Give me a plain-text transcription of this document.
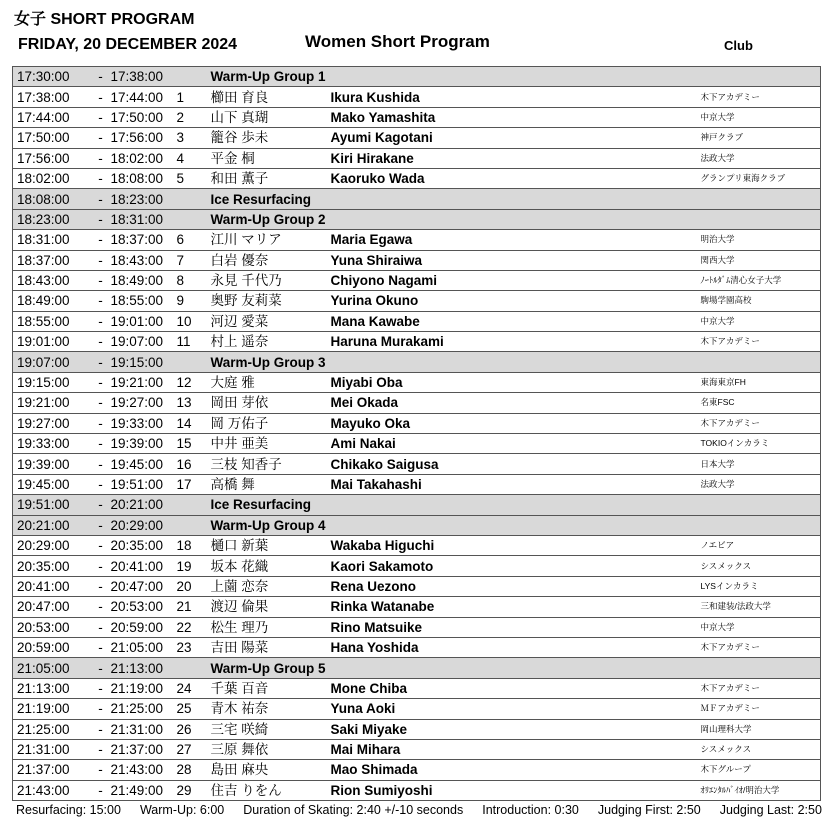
女子 SHORT PROGRAM
FRIDAY, 20 DECEMBER 2024	Women Short Program	Club
17:30:00	-	17:38:00		Warm-Up Group 1		
17:38:00	-	17:44:00	1	櫛田 育良	Ikura Kushida	木下アカデミー
17:44:00	-	17:50:00	2	山下 真瑚	Mako Yamashita	中京大学
17:50:00	-	17:56:00	3	籠谷 歩未	Ayumi Kagotani	神戸クラブ
17:56:00	-	18:02:00	4	平金 桐	Kiri Hirakane	法政大学
18:02:00	-	18:08:00	5	和田 薫子	Kaoruko Wada	グランプリ東海クラブ
18:08:00	-	18:23:00		Ice Resurfacing		
18:23:00	-	18:31:00		Warm-Up Group 2		
18:31:00	-	18:37:00	6	江川 マリア	Maria Egawa	明治大学
18:37:00	-	18:43:00	7	白岩 優奈	Yuna Shiraiwa	関西大学
18:43:00	-	18:49:00	8	永見 千代乃	Chiyono Nagami	ﾉｰﾄﾙﾀﾞﾑ清心女子大学
18:49:00	-	18:55:00	9	奥野 友莉菜	Yurina Okuno	駒場学園高校
18:55:00	-	19:01:00	10	河辺 愛菜	Mana Kawabe	中京大学
19:01:00	-	19:07:00	11	村上 遥奈	Haruna Murakami	木下アカデミー
19:07:00	-	19:15:00		Warm-Up Group 3		
19:15:00	-	19:21:00	12	大庭 雅	Miyabi Oba	東海東京FH
19:21:00	-	19:27:00	13	岡田 芽依	Mei Okada	名東FSC
19:27:00	-	19:33:00	14	岡 万佑子	Mayuko Oka	木下アカデミー
19:33:00	-	19:39:00	15	中井 亜美	Ami Nakai	TOKIOインカラミ
19:39:00	-	19:45:00	16	三枝 知香子	Chikako Saigusa	日本大学
19:45:00	-	19:51:00	17	高橋 舞	Mai Takahashi	法政大学
19:51:00	-	20:21:00		Ice Resurfacing		
20:21:00	-	20:29:00		Warm-Up Group 4		
20:29:00	-	20:35:00	18	樋口 新葉	Wakaba Higuchi	ノエビア
20:35:00	-	20:41:00	19	坂本 花織	Kaori Sakamoto	シスメックス
20:41:00	-	20:47:00	20	上薗 恋奈	Rena Uezono	LYSインカラミ
20:47:00	-	20:53:00	21	渡辺 倫果	Rinka Watanabe	三和建装/法政大学
20:53:00	-	20:59:00	22	松生 理乃	Rino Matsuike	中京大学
20:59:00	-	21:05:00	23	吉田 陽菜	Hana Yoshida	木下アカデミー
21:05:00	-	21:13:00		Warm-Up Group 5		
21:13:00	-	21:19:00	24	千葉 百音	Mone Chiba	木下アカデミー
21:19:00	-	21:25:00	25	青木 祐奈	Yuna Aoki	ＭＦアカデミー
21:25:00	-	21:31:00	26	三宅 咲綺	Saki Miyake	岡山理科大学
21:31:00	-	21:37:00	27	三原 舞依	Mai Mihara	シスメックス
21:37:00	-	21:43:00	28	島田 麻央	Mao Shimada	木下グループ
21:43:00	-	21:49:00	29	住吉 りをん	Rion Sumiyoshi	ｵﾘｴﾝﾀﾙﾊﾞｲｵ/明治大学
Resurfacing: 15:00 Warm-Up: 6:00 Duration of Skating: 2:40 +/-10 seconds Introduction: 0:30 Judging First: 2:50 Judging Last: 2:50
